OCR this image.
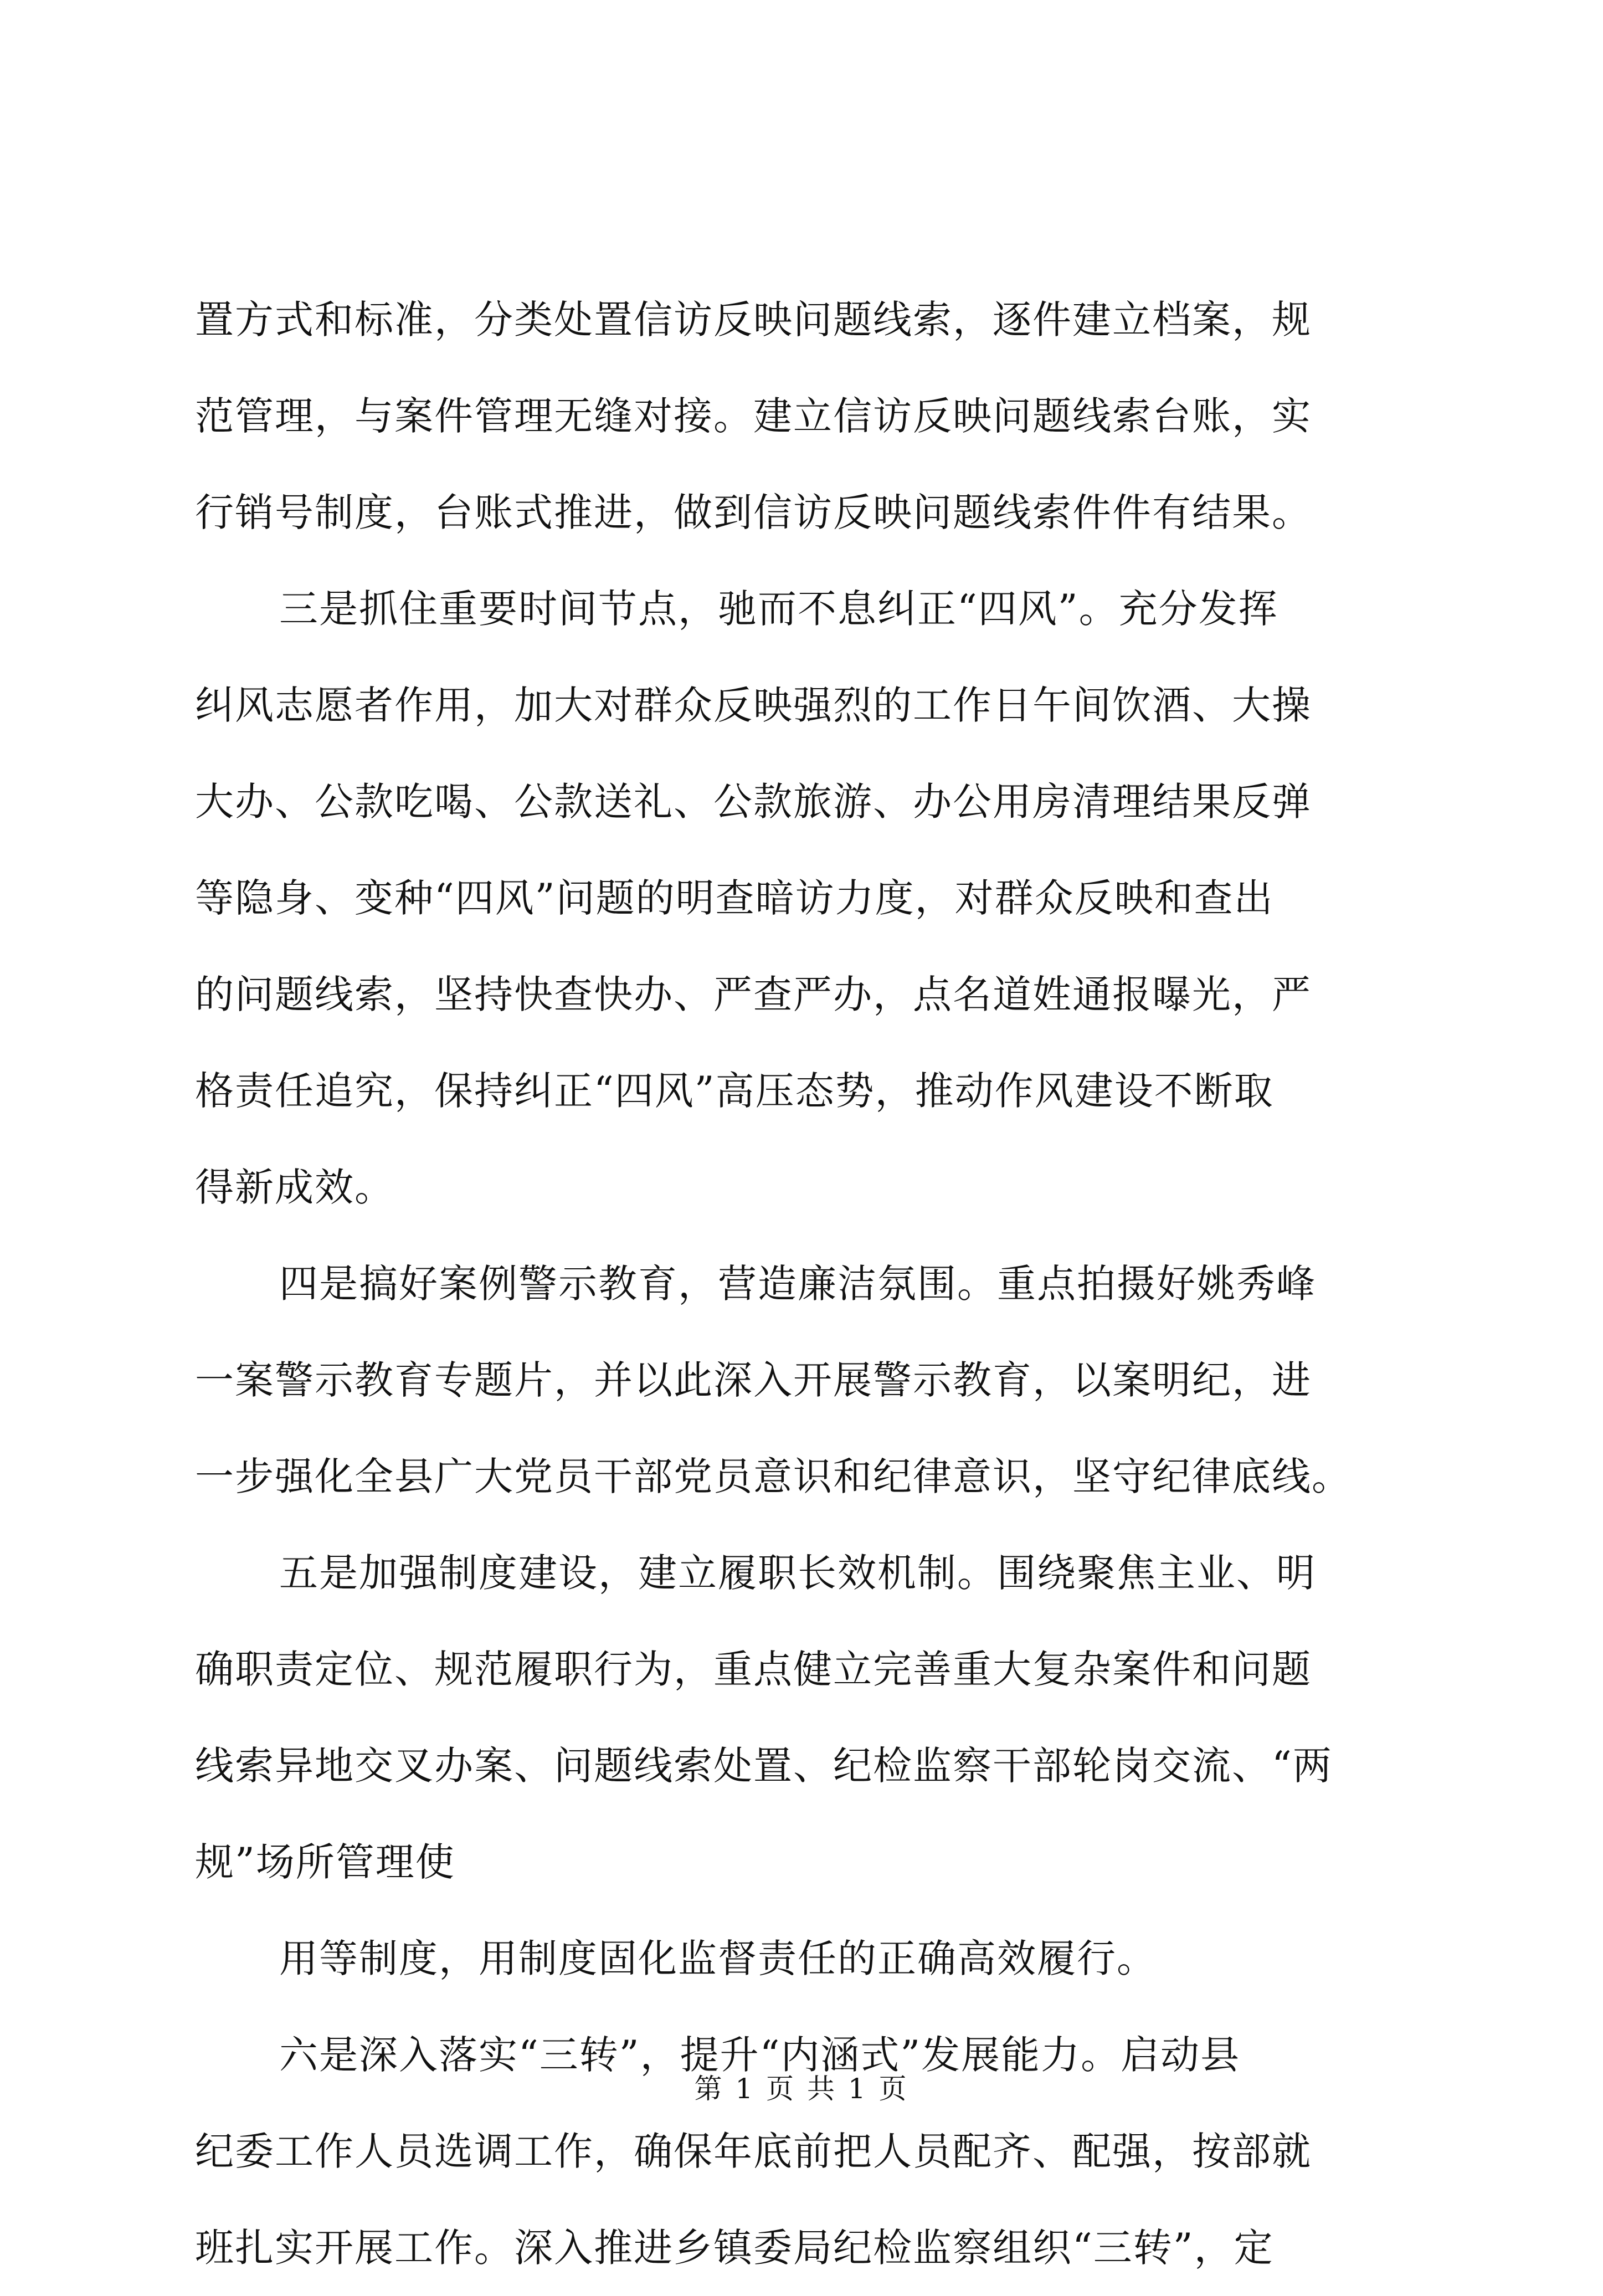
置方式和标准，分类处置信访反映问题线索，逐件建立档案，规
范管理，与案件管理无缝对接。建立信访反映问题线索台账，实
行销号制度，台账式推进，做到信访反映问题线索件件有结果。
三是抓住重要时间节点，驰而不息纠正“四风”。充分发挥
纠风志愿者作用，加大对群众反映强烈的工作日午间饮酒、大操
大办、公款吃喝、公款送礼、公款旅游、办公用房清理结果反弹
等隐身、变种“四风”问题的明查暗访力度，对群众反映和查出
的问题线索，坚持快查快办、严查严办，点名道姓通报曝光，严
格责任追究，保持纠正“四风”高压态势，推动作风建设不断取
得新成效。
四是搞好案例警示教育，营造廉洁氛围。重点拍摄好姚秀峰
一案警示教育专题片，并以此深入开展警示教育，以案明纪，进
一步强化全县广大党员干部党员意识和纪律意识，坚守纪律底线。
五是加强制度建设，建立履职长效机制。围绕聚焦主业、明
确职责定位、规范履职行为，重点健立完善重大复杂案件和问题
线索异地交叉办案、问题线索处置、纪检监察干部轮岗交流、“两
规”场所管理使
用等制度，用制度固化监督责任的正确高效履行。
六是深入落实“三转”，提升“内涵式”发展能力。启动县
纪委工作人员选调工作，确保年底前把人员配齐、配强，按部就
班扎实开展工作。深入推进乡镇委局纪检监察组织“三转”，定
第 1 页 共 1 页
